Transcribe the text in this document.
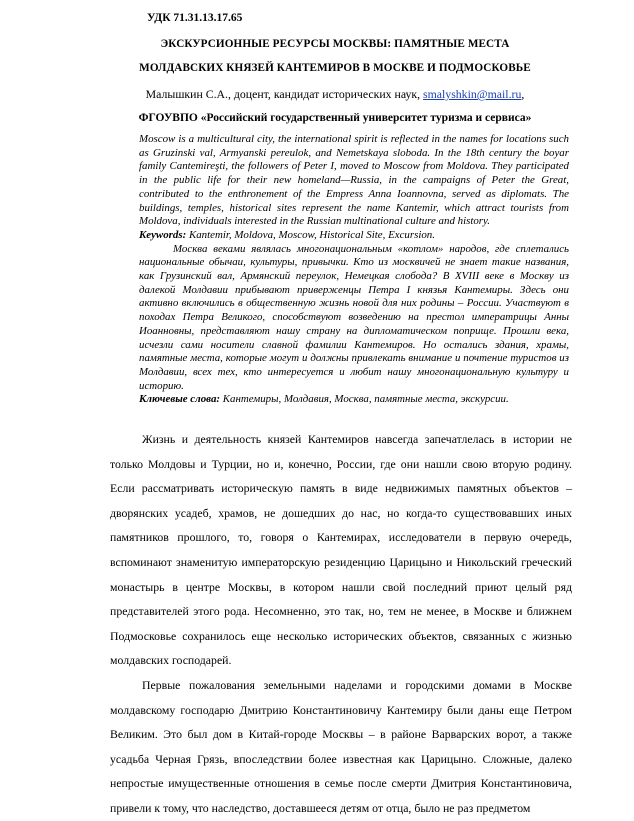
УДК 71.31.13.17.65
ЭКСКУРСИОННЫЕ РЕСУРСЫ МОСКВЫ: ПАМЯТНЫЕ МЕСТА
МОЛДАВСКИХ КНЯЗЕЙ КАНТЕМИРОВ В МОСКВЕ И ПОДМОСКОВЬЕ
Малышкин С.А., доцент, кандидат исторических наук, smalyshkin@mail.ru,
ФГОУВПО «Российский государственный университет туризма и сервиса»

Moscow is a multicultural city, the international spirit is reflected in the names for locations such as Gruzinski val, Armyanski pereulok, and Nemetskaya sloboda. In the 18th century the boyar family Cantemireşti, the followers of Peter I, moved to Moscow from Moldova. They participated in the public life for their new homeland—Russia, in the campaigns of Peter the Great, contributed to the enthronement of the Empress Anna Ioannovna, served as diplomats. The buildings, temples, historical sites represent the name Kantemir, which attract tourists from Moldova, individuals interested in the Russian multinational culture and history.

Keywords: Kantemir, Moldova, Moscow, Historical Site, Excursion.

Москва веками являлась многонациональным «котлом» народов, где сплетались национальные обычаи, культуры, привычки. Кто из москвичей не знает такие названия, как Грузинский вал, Армянский переулок, Немецкая слобода? В XVIII веке в Москву из далекой Молдавии прибывают приверженцы Петра I князья Кантемиры. Здесь они активно включились в общественную жизнь новой для них родины – России. Участвуют в походах Петра Великого, способствуют возведению на престол императрицы Анны Иоанновны, представляют нашу страну на дипломатическом поприще. Прошли века, исчезли сами носители славной фамилии Кантемиров. Но остались здания, храмы, памятные места, которые могут и должны привлекать внимание и почтение туристов из Молдавии, всех тех, кто интересуется и любит нашу многонациональную культуру и историю.

Ключевые слова: Кантемиры, Молдавия, Москва, памятные места, экскурсии.

Жизнь и деятельность князей Кантемиров навсегда запечатлелась в истории не только Молдовы и Турции, но и, конечно, России, где они нашли свою вторую родину. Если рассматривать историческую память в виде недвижимых памятных объектов – дворянских усадеб, храмов, не дошедших до нас, но когда-то существовавших иных памятников прошлого, то, говоря о Кантемирах, исследователи в первую очередь, вспоминают знаменитую императорскую резиденцию Царицыно и Никольский греческий монастырь в центре Москвы, в котором нашли свой последний приют целый ряд представителей этого рода. Несомненно, это так, но, тем не менее, в Москве и ближнем Подмосковье сохранилось еще несколько исторических объектов, связанных с жизнью молдавских господарей.

Первые пожалования земельными наделами и городскими домами в Москве молдавскому господарю Дмитрию Константиновичу Кантемиру были даны еще Петром Великим. Это был дом в Китай-городе Москвы – в районе Варварских ворот, а также усадьба Черная Грязь, впоследствии более известная как Царицыно. Сложные, далеко непростые имущественные отношения в семье после смерти Дмитрия Константиновича, привели к тому, что наследство, доставшееся детям от отца, было не раз предметом
